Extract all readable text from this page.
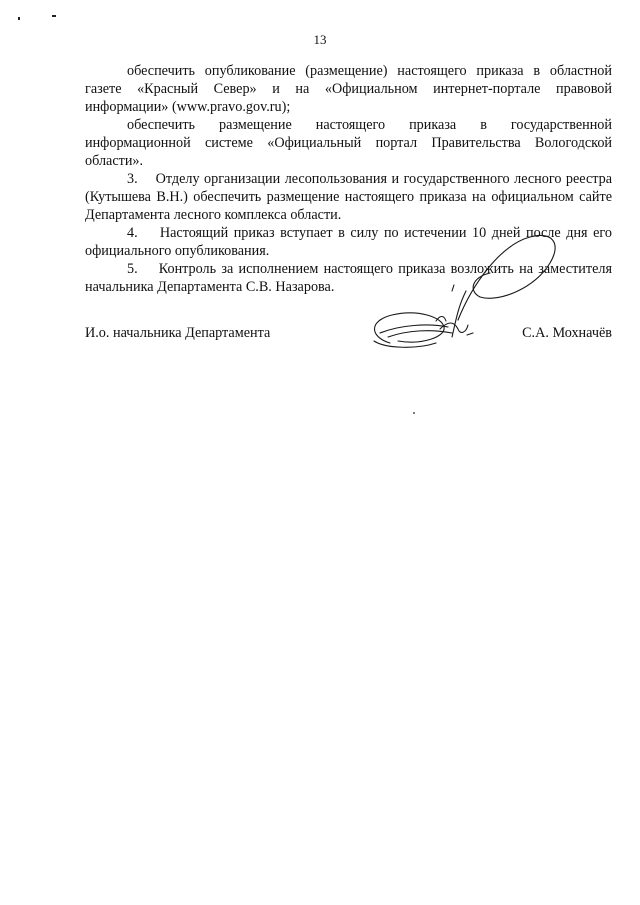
13

обеспечить опубликование (размещение) настоящего приказа в областной газете «Красный Север» и на «Официальном интернет-портале правовой информации» (www.pravo.gov.ru);

обеспечить размещение настоящего приказа в государственной информационной системе «Официальный портал Правительства Вологодской области».

3.    Отделу организации лесопользования и государственного лесного реестра (Кутышева В.Н.) обеспечить размещение настоящего приказа на официальном сайте Департамента лесного комплекса области.

4.    Настоящий приказ вступает в силу по истечении 10 дней после дня его официального опубликования.

5.    Контроль за исполнением настоящего приказа возложить на заместителя начальника Департамента С.В. Назарова.

И.о. начальника Департамента	С.А. Мохначёв
